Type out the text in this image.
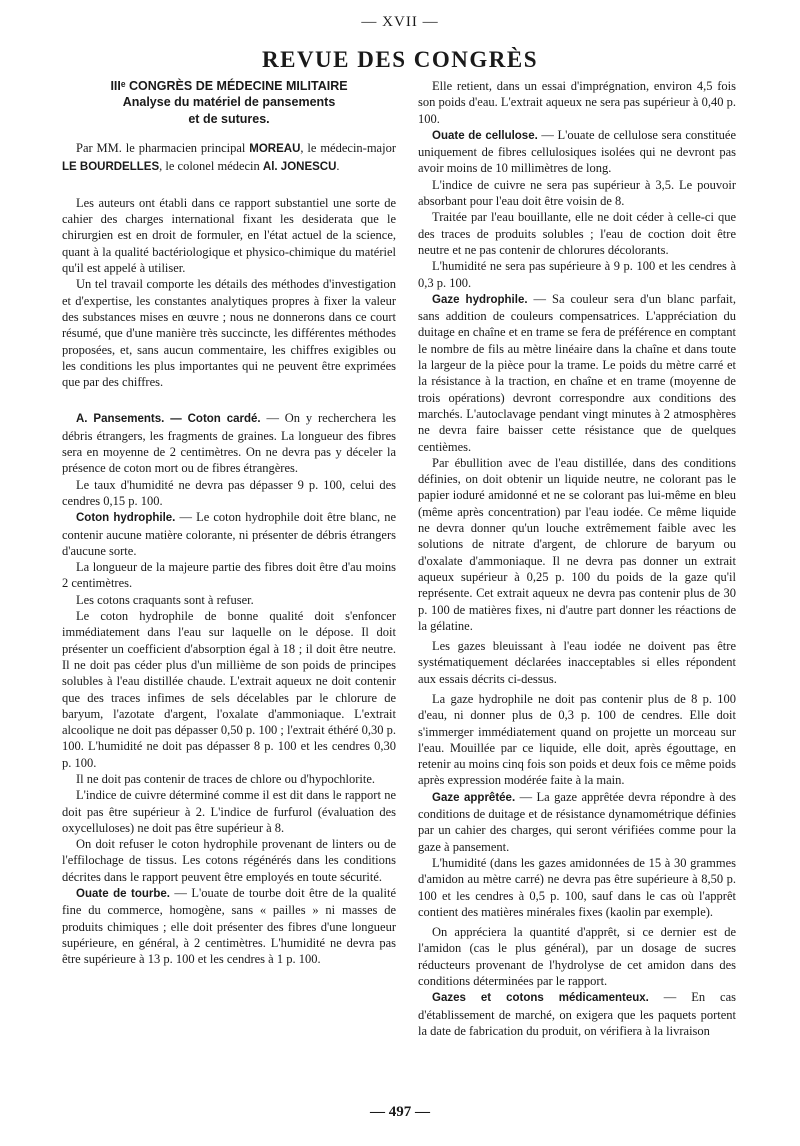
— XVII —
REVUE DES CONGRÈS

IIIᵉ CONGRÈS DE MÉDECINE MILITAIRE

Analyse du matériel de pansements
et de sutures.

Par MM. le pharmacien principal MOREAU, le médecin-major LE BOURDELLES, le colonel médecin Al. JONESCU.

Les auteurs ont établi dans ce rapport substantiel une sorte de cahier des charges international fixant les desiderata que le chirurgien est en droit de formuler, en l'état actuel de la science, quant à la qualité bactériologique et physico-chimique du matériel qu'il est appelé à utiliser.

Un tel travail comporte les détails des méthodes d'investigation et d'expertise, les constantes analytiques propres à fixer la valeur des substances mises en œuvre ; nous ne donnerons dans ce court résumé, que d'une manière très succincte, les différentes méthodes proposées, et, sans aucun commentaire, les chiffres exigibles ou les conditions les plus importantes qui ne peuvent être exprimées que par des chiffres.

A. Pansements. — Coton cardé. — On y recherchera les débris étrangers, les fragments de graines. La longueur des fibres sera en moyenne de 2 centimètres. On ne devra pas y déceler la présence de coton mort ou de fibres étrangères.

Le taux d'humidité ne devra pas dépasser 9 p. 100, celui des cendres 0,15 p. 100.

Coton hydrophile. — Le coton hydrophile doit être blanc, ne contenir aucune matière colorante, ni présenter de débris étrangers d'aucune sorte.

La longueur de la majeure partie des fibres doit être d'au moins 2 centimètres.

Les cotons craquants sont à refuser.

Le coton hydrophile de bonne qualité doit s'enfoncer immédiatement dans l'eau sur laquelle on le dépose. Il doit présenter un coefficient d'absorption égal à 18 ; il doit être neutre. Il ne doit pas céder plus d'un millième de son poids de principes solubles à l'eau distillée chaude. L'extrait aqueux ne doit contenir que des traces infimes de sels décelables par le chlorure de baryum, l'azotate d'argent, l'oxalate d'ammoniaque. L'extrait alcoolique ne doit pas dépasser 0,50 p. 100 ; l'extrait éthéré 0,30 p. 100. L'humidité ne doit pas dépasser 8 p. 100 et les cendres 0,30 p. 100.

Il ne doit pas contenir de traces de chlore ou d'hypochlorite.

L'indice de cuivre déterminé comme il est dit dans le rapport ne doit pas être supérieur à 2. L'indice de furfurol (évaluation des oxycelluloses) ne doit pas être supérieur à 8.

On doit refuser le coton hydrophile provenant de linters ou de l'effilochage de tissus. Les cotons régénérés dans les conditions décrites dans le rapport peuvent être employés en toute sécurité.

Ouate de tourbe. — L'ouate de tourbe doit être de la qualité fine du commerce, homogène, sans « pailles » ni masses de produits chimiques ; elle doit présenter des fibres d'une longueur supérieure, en général, à 2 centimètres. L'humidité ne devra pas être supérieure à 13 p. 100 et les cendres à 1 p. 100.

Elle retient, dans un essai d'imprégnation, environ 4,5 fois son poids d'eau. L'extrait aqueux ne sera pas supérieur à 0,40 p. 100.

Ouate de cellulose. — L'ouate de cellulose sera constituée uniquement de fibres cellulosiques isolées qui ne devront pas avoir moins de 10 millimètres de long.

L'indice de cuivre ne sera pas supérieur à 3,5. Le pouvoir absorbant pour l'eau doit être voisin de 8.

Traitée par l'eau bouillante, elle ne doit céder à celle-ci que des traces de produits solubles ; l'eau de coction doit être neutre et ne pas contenir de chlorures décolorants.

L'humidité ne sera pas supérieure à 9 p. 100 et les cendres à 0,3 p. 100.

Gaze hydrophile. — Sa couleur sera d'un blanc parfait, sans addition de couleurs compensatrices. L'appréciation du duitage en chaîne et en trame se fera de préférence en comptant le nombre de fils au mètre linéaire dans la chaîne et dans toute la largeur de la pièce pour la trame. Le poids du mètre carré et la résistance à la traction, en chaîne et en trame (moyenne de trois opérations) devront correspondre aux conditions des marchés. L'autoclavage pendant vingt minutes à 2 atmosphères ne devra faire baisser cette résistance que de quelques centièmes.

Par ébullition avec de l'eau distillée, dans des conditions définies, on doit obtenir un liquide neutre, ne colorant pas le papier ioduré amidonné et ne se colorant pas lui-même en bleu (même après concentration) par l'eau iodée. Ce même liquide ne devra donner qu'un louche extrêmement faible avec les solutions de nitrate d'argent, de chlorure de baryum ou d'oxalate d'ammoniaque. Il ne devra pas donner un extrait aqueux supérieur à 0,25 p. 100 du poids de la gaze qu'il représente. Cet extrait aqueux ne devra pas contenir plus de 30 p. 100 de matières fixes, ni d'autre part donner les réactions de la gélatine.

Les gazes bleuissant à l'eau iodée ne doivent pas être systématiquement déclarées inacceptables si elles répondent aux essais décrits ci-dessus.

La gaze hydrophile ne doit pas contenir plus de 8 p. 100 d'eau, ni donner plus de 0,3 p. 100 de cendres. Elle doit s'immerger immédiatement quand on projette un morceau sur l'eau. Mouillée par ce liquide, elle doit, après égouttage, en retenir au moins cinq fois son poids et deux fois ce même poids après expression modérée faite à la main.

Gaze apprêtée. — La gaze apprêtée devra répondre à des conditions de duitage et de résistance dynamométrique définies par un cahier des charges, qui seront vérifiées comme pour la gaze à pansement.

L'humidité (dans les gazes amidonnées de 15 à 30 grammes d'amidon au mètre carré) ne devra pas être supérieure à 8,50 p. 100 et les cendres à 0,5 p. 100, sauf dans le cas où l'apprêt contient des matières minérales fixes (kaolin par exemple).

On appréciera la quantité d'apprêt, si ce dernier est de l'amidon (cas le plus général), par un dosage de sucres réducteurs provenant de l'hydrolyse de cet amidon dans des conditions déterminées par le rapport.

Gazes et cotons médicamenteux. — En cas d'établissement de marché, on exigera que les paquets portent la date de fabrication du produit, on vérifiera à la livraison

— 497 —
